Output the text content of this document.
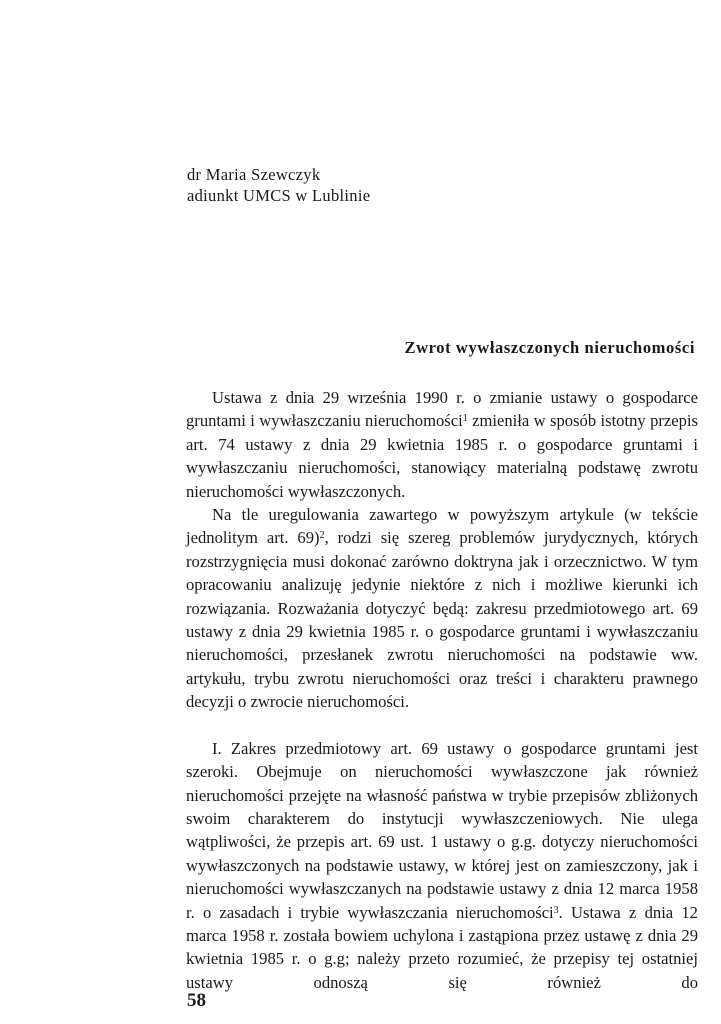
dr Maria Szewczyk
adiunkt UMCS w Lublinie
Zwrot wywłaszczonych nieruchomości

Ustawa z dnia 29 września 1990 r. o zmianie ustawy o gospodarce gruntami i wywłaszczaniu nieruchomości$^1$ zmieniła w sposób istotny przepis art. 74 ustawy z dnia 29 kwietnia 1985 r. o gospodarce gruntami i wywłaszczaniu nieruchomości, stanowiący materialną podstawę zwrotu nieruchomości wywłaszczonych.

Na tle uregulowania zawartego w powyższym artykule (w tekście jednolitym art. 69)$^2$, rodzi się szereg problemów jurydycznych, których rozstrzygnięcia musi dokonać zarówno doktryna jak i orzecznictwo. W tym opracowaniu analizuję jedynie niektóre z nich i możliwe kierunki ich rozwiązania. Rozważania dotyczyć będą: zakresu przedmiotowego art. 69 ustawy z dnia 29 kwietnia 1985 r. o gospodarce gruntami i wywłaszczaniu nieruchomości, przesłanek zwrotu nieruchomości na podstawie ww. artykułu, trybu zwrotu nieruchomości oraz treści i charakteru prawnego decyzji o zwrocie nieruchomości.

I. Zakres przedmiotowy art. 69 ustawy o gospodarce gruntami jest szeroki. Obejmuje on nieruchomości wywłaszczone jak również nieruchomości przejęte na własność państwa w trybie przepisów zbliżonych swoim charakterem do instytucji wywłaszczeniowych. Nie ulega wątpliwości, że przepis art. 69 ust. 1 ustawy o g.g. dotyczy nieruchomości wywłaszczonych na podstawie ustawy, w której jest on zamieszczony, jak i nieruchomości wywłaszczanych na podstawie ustawy z dnia 12 marca 1958 r. o zasadach i trybie wywłaszczania nieruchomości$^3$. Ustawa z dnia 12 marca 1958 r. została bowiem uchylona i zastąpiona przez ustawę z dnia 29 kwietnia 1985 r. o g.g; należy przeto rozumieć, że przepisy tej ostatniej ustawy odnoszą się również do

58
